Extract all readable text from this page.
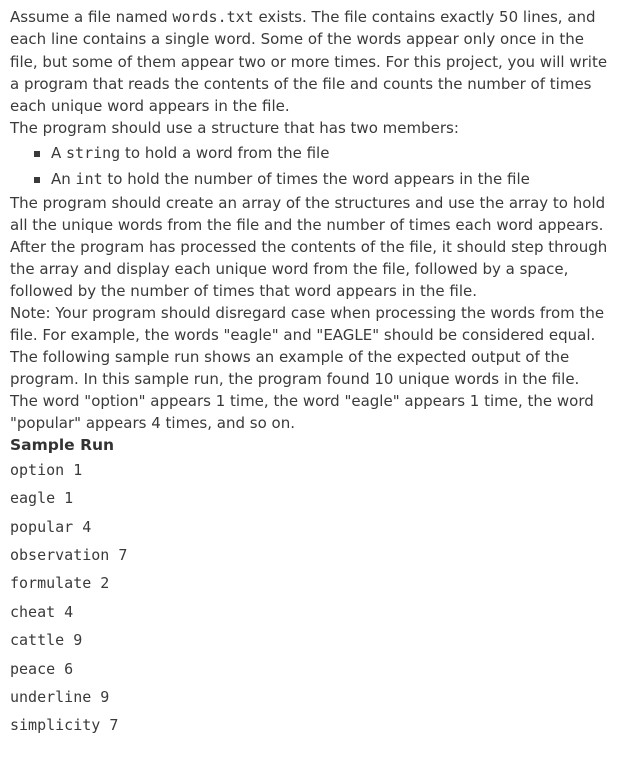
Assume a file named words.txt exists. The file contains exactly 50 lines, and each line contains a single word. Some of the words appear only once in the file, but some of them appear two or more times. For this project, you will write a program that reads the contents of the file and counts the number of times each unique word appears in the file.

The program should use a structure that has two members:

A string to hold a word from the file
An int to hold the number of times the word appears in the file

The program should create an array of the structures and use the array to hold all the unique words from the file and the number of times each word appears. After the program has processed the contents of the file, it should step through the array and display each unique word from the file, followed by a space, followed by the number of times that word appears in the file.

Note: Your program should disregard case when processing the words from the file. For example, the words "eagle" and "EAGLE" should be considered equal.

The following sample run shows an example of the expected output of the program. In this sample run, the program found 10 unique words in the file. The word "option" appears 1 time, the word "eagle" appears 1 time, the word "popular" appears 4 times, and so on.

Sample Run

option 1

eagle 1

popular 4

observation 7

formulate 2

cheat 4

cattle 9

peace 6

underline 9

simplicity 7
